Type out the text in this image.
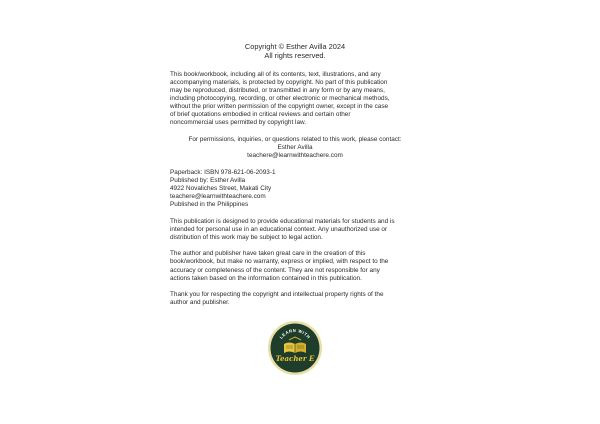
Copyright © Esther Avilla 2024
All rights reserved.
This book/workbook, including all of its contents, text, illustrations, and any
accompanying materials, is protected by copyright. No part of this publication
may be reproduced, distributed, or transmitted in any form or by any means,
including photocopying, recording, or other electronic or mechanical methods,
without the prior written permission of the copyright owner, except in the case
of brief quotations embodied in critical reviews and certain other
noncommercial uses permitted by copyright law.
For permissions, inquiries, or questions related to this work, please contact:
Esther Avilla
teachere@learnwithteachere.com
Paperback: ISBN 978-621-06-2093-1
Published by: Esther Avilla
4922 Novaliches Street, Makati City
teachere@learnwithteachere.com
Published in the Philippines
This publication is designed to provide educational materials for students and is
intended for personal use in an educational context. Any unauthorized use or
distribution of this work may be subject to legal action.
The author and publisher have taken great care in the creation of this
book/workbook, but make no warranty, express or implied, with respect to the
accuracy or completeness of the content. They are not responsible for any
actions taken based on the information contained in this publication.
Thank you for respecting the copyright and intellectual property rights of the
author and publisher.
LEARN WITH
Teacher E
